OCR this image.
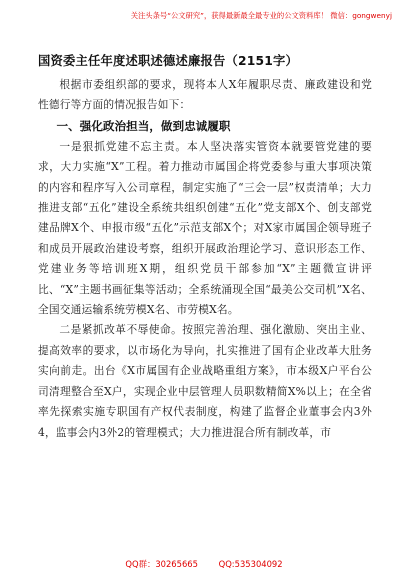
关注头条号“公文研究”，获得最新最全最专业的公文资料库！ 微信：gongwenyj
国资委主任年度述职述德述廉报告（2151字）

根据市委组织部的要求，现将本人X年履职尽责、廉政建设和党性德行等方面的情况报告如下：

一、强化政治担当，做到忠诚履职

一是狠抓党建不忘主责。本人坚决落实管资本就要管党建的要求，大力实施“X”工程。着力推动市属国企将党委参与重大事项决策的内容和程序写入公司章程，制定实施了“三会一层”权责清单；大力推进支部“五化”建设全系统共组织创建“五化”党支部X个、创支部党建品牌X个、申报市级“五化”示范支部X个；对X家市属国企领导班子和成员开展政治建设考察，组织开展政治理论学习、意识形态工作、党建业务等培训班X期，组织党员干部参加“X”主题微宣讲评比、“X”主题书画征集等活动；全系统涌现全国“最美公交司机”X名、全国交通运输系统劳模X名、市劳模X名。

二是紧抓改革不辱使命。按照完善治理、强化激励、突出主业、提高效率的要求，以市场化为导向，扎实推进了国有企业改革大肚务实向前走。出台《X市属国有企业战略重组方案》，市本级X户平台公司清理整合至X户，实现企业中层管理人员职数精简X%以上；在全省率先探索实施专职国有产权代表制度，构建了监督企业董事会内3外4，监事会内3外2的管理模式；大力推进混合所有制改革，市

QQ群：30265665 QQ:535304092
